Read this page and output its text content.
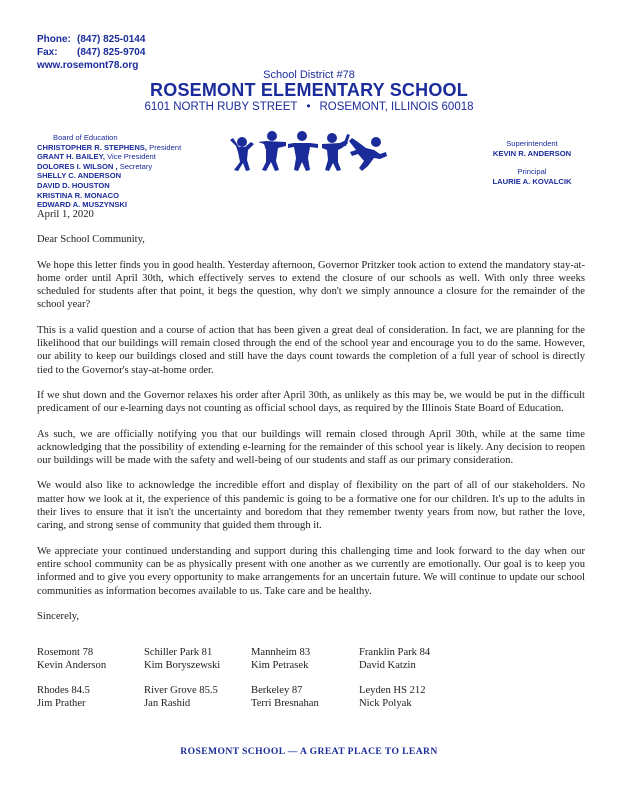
Phone: (847) 825-0144
Fax: (847) 825-9704
www.rosemont78.org
School District #78
ROSEMONT ELEMENTARY SCHOOL
6101 NORTH RUBY STREET • ROSEMONT, ILLINOIS 60018
Board of Education
CHRISTOPHER R. STEPHENS, President
GRANT H. BAILEY, Vice President
DOLORES I. WILSON , Secretary
SHELLY C. ANDERSON
DAVID D. HOUSTON
KRISTINA R. MONACO
EDWARD A. MUSZYNSKI
Superintendent
KEVIN R. ANDERSON
Principal
LAURIE A. KOVALCIK

April 1, 2020

Dear School Community,

We hope this letter finds you in good health. Yesterday afternoon, Governor Pritzker took action to extend the mandatory stay-at-home order until April 30th, which effectively serves to extend the closure of our schools as well. With only three weeks scheduled for students after that point, it begs the question, why don't we simply announce a closure for the remainder of the school year?

This is a valid question and a course of action that has been given a great deal of consideration. In fact, we are planning for the likelihood that our buildings will remain closed through the end of the school year and encourage you to do the same. However, our ability to keep our buildings closed and still have the days count towards the completion of a full year of school is directly tied to the Governor's stay-at-home order.

If we shut down and the Governor relaxes his order after April 30th, as unlikely as this may be, we would be put in the difficult predicament of our e-learning days not counting as official school days, as required by the Illinois State Board of Education.

As such, we are officially notifying you that our buildings will remain closed through April 30th, while at the same time acknowledging that the possibility of extending e-learning for the remainder of this school year is likely. Any decision to reopen our buildings will be made with the safety and well-being of our students and staff as our primary consideration.

We would also like to acknowledge the incredible effort and display of flexibility on the part of all of our stakeholders. No matter how we look at it, the experience of this pandemic is going to be a formative one for our children. It's up to the adults in their lives to ensure that it isn't the uncertainty and boredom that they remember twenty years from now, but rather the love, caring, and strong sense of community that guided them through it.

We appreciate your continued understanding and support during this challenging time and look forward to the day when our entire school community can be as physically present with one another as we currently are emotionally. Our goal is to keep you informed and to give you every opportunity to make arrangements for an uncertain future. We will continue to update our school communities as information becomes available to us. Take care and be healthy.

Sincerely,

Rosemont 78
Kevin Anderson
Schiller Park 81
Kim Boryszewski
Mannheim 83
Kim Petrasek
Franklin Park 84
David Katzin
Rhodes 84.5
Jim Prather
River Grove 85.5
Jan Rashid
Berkeley 87
Terri Bresnahan
Leyden HS 212
Nick Polyak
ROSEMONT SCHOOL — A GREAT PLACE TO LEARN
